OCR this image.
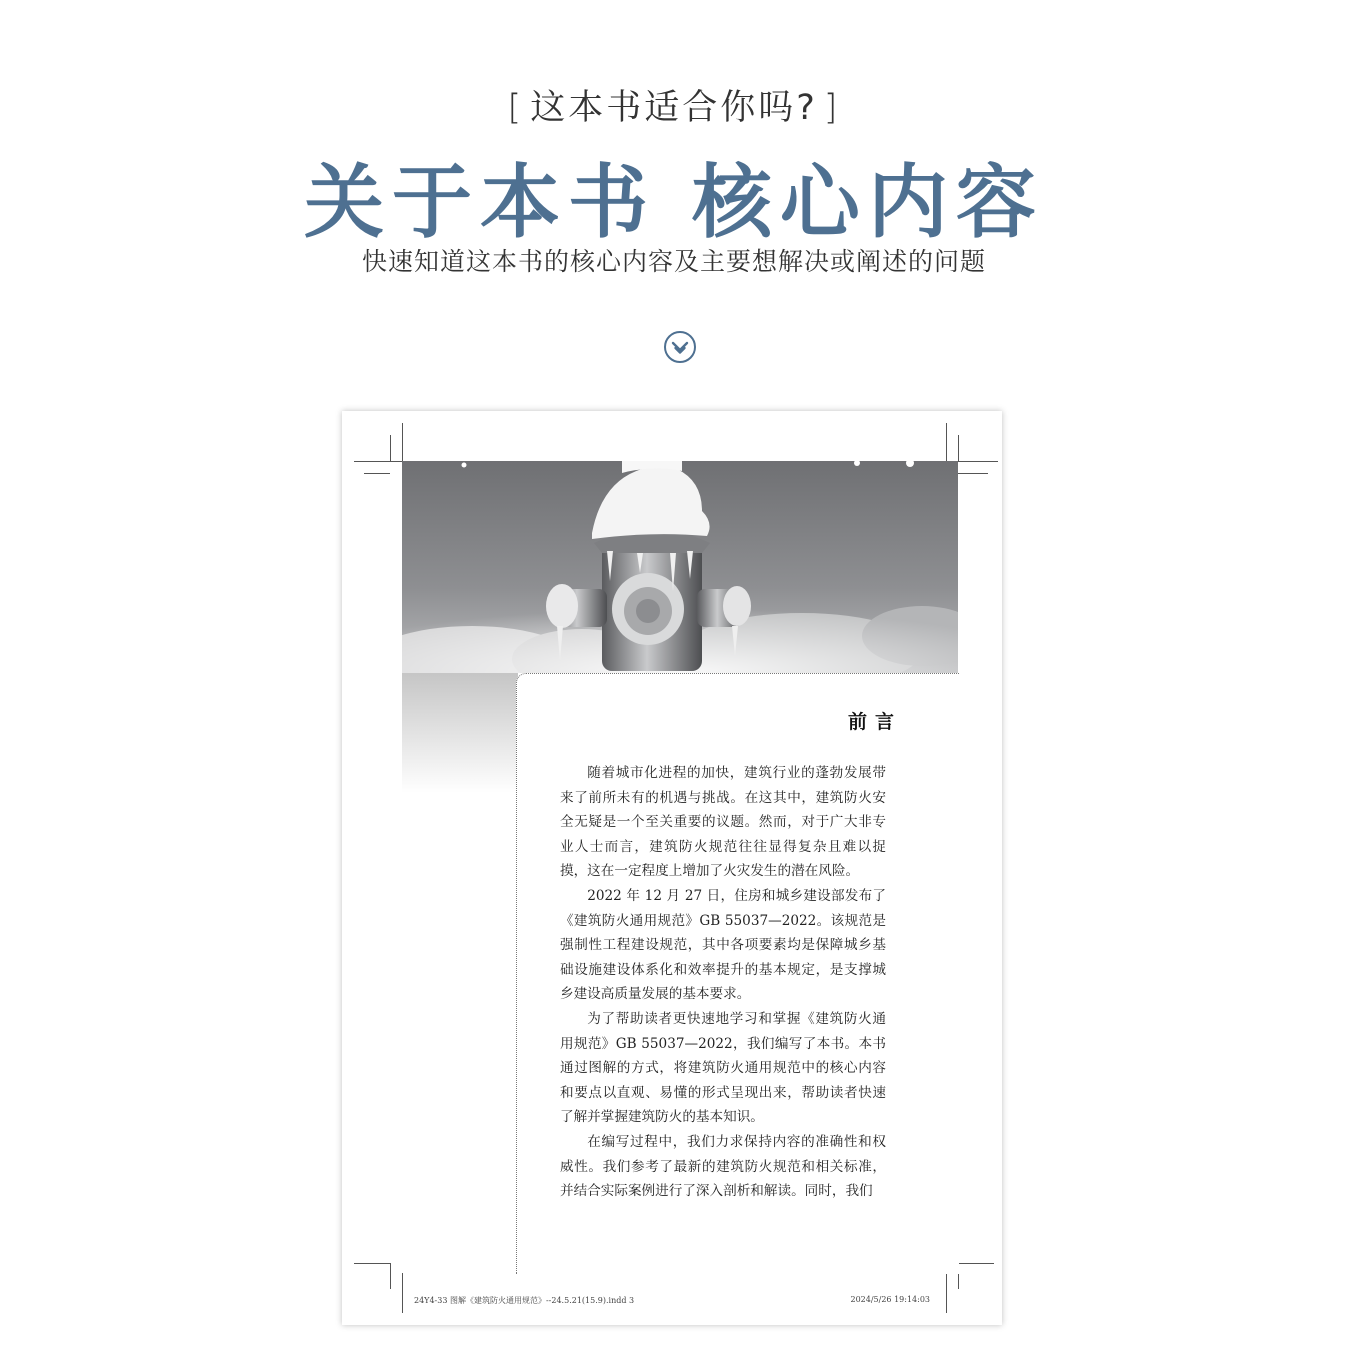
[ 这本书适合你吗? ]
关于本书 核心内容
快速知道这本书的核心内容及主要想解决或阐述的问题
前言

随着城市化进程的加快，建筑行业的蓬勃发展带来了前所未有的机遇与挑战。在这其中，建筑防火安全无疑是一个至关重要的议题。然而，对于广大非专业人士而言，建筑防火规范往往显得复杂且难以捉摸，这在一定程度上增加了火灾发生的潜在风险。

2022 年 12 月 27 日，住房和城乡建设部发布了《建筑防火通用规范》GB 55037—2022。该规范是强制性工程建设规范，其中各项要素均是保障城乡基础设施建设体系化和效率提升的基本规定，是支撑城乡建设高质量发展的基本要求。

为了帮助读者更快速地学习和掌握《建筑防火通用规范》GB 55037—2022，我们编写了本书。本书通过图解的方式，将建筑防火通用规范中的核心内容和要点以直观、易懂的形式呈现出来，帮助读者快速了解并掌握建筑防火的基本知识。

在编写过程中，我们力求保持内容的准确性和权威性。我们参考了最新的建筑防火规范和相关标准，并结合实际案例进行了深入剖析和解读。同时，我们

24Y4-33 图解《建筑防火通用规范》--24.5.21(15.9).indd 3	2024/5/26 19:14:03
